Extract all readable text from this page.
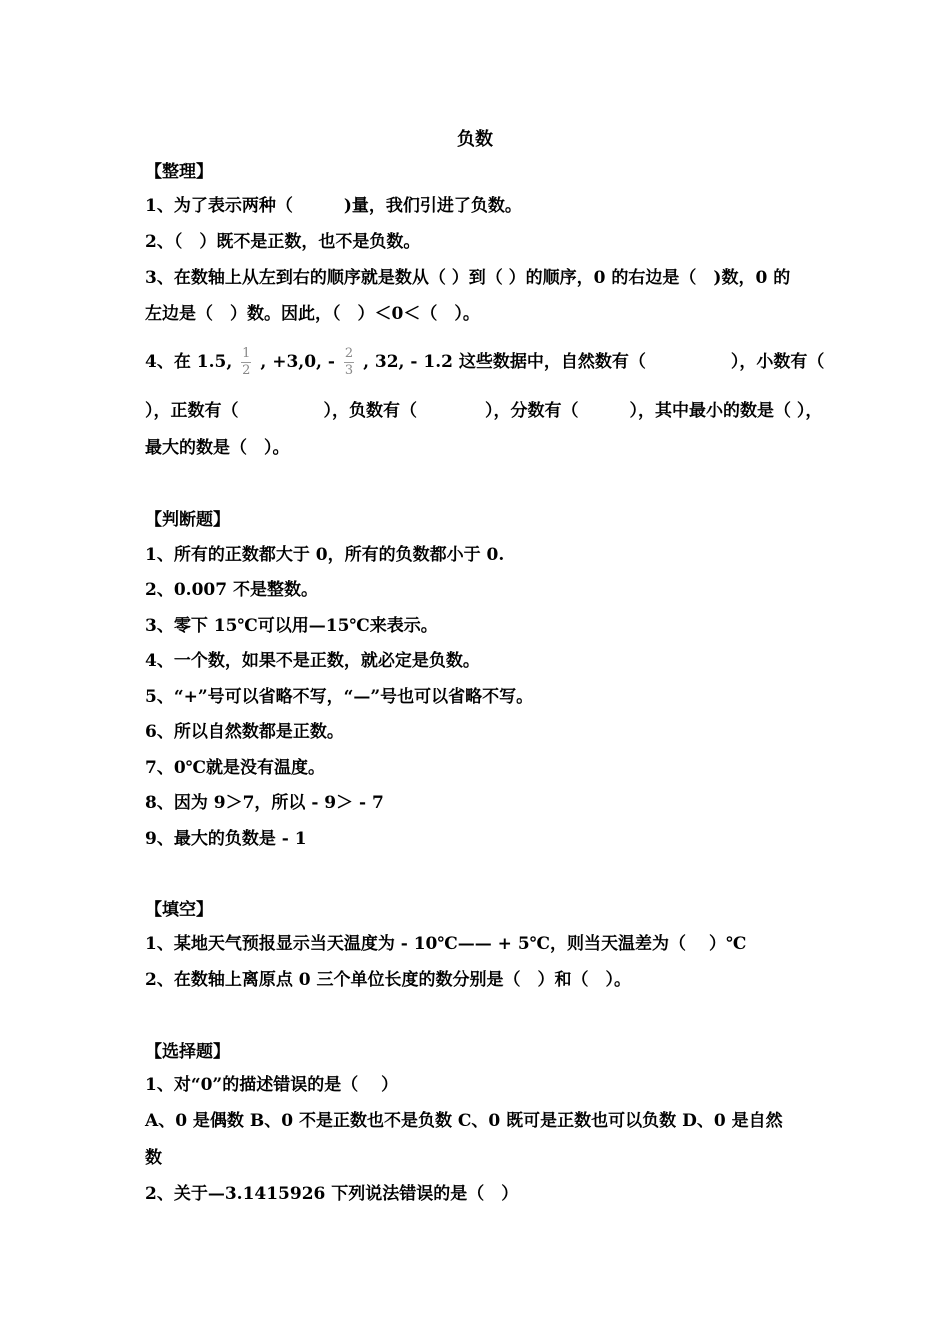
负数
【整理】
1、为了表示两种（　　　)量，我们引进了负数。
2、（　）既不是正数，也不是负数。
3、在数轴上从左到右的顺序就是数从（ ）到（ ）的顺序，0 的右边是（　)数，0 的
左边是（　）数。因此，（　）＜0＜（　）。
4、在 1.5, $\frac{1}{2}$ , +3,0, - $\frac{2}{3}$ , 32, - 1.2 这些数据中，自然数有（　　　　　），小数有（
），正数有（　　　　　），负数有（　　　　），分数有（　　　），其中最小的数是（ ），
最大的数是（　）。
【判断题】
1、所有的正数都大于 0，所有的负数都小于 0.
2、0.007 不是整数。
3、零下 15℃可以用—15℃来表示。
4、一个数，如果不是正数，就必定是负数。
5、“+”号可以省略不写，“—”号也可以省略不写。
6、所以自然数都是正数。
7、0℃就是没有温度。
8、因为 9＞7，所以 - 9＞ - 7
9、最大的负数是 - 1
【填空】
1、某地天气预报显示当天温度为 - 10℃—— + 5℃，则当天温差为（　 ）℃
2、在数轴上离原点 0 三个单位长度的数分别是（　）和（　）。
【选择题】
1、对“0”的描述错误的是（　 ）
A、0 是偶数 B、0 不是正数也不是负数 C、0 既可是正数也可以负数 D、0 是自然
数
2、关于—3.1415926 下列说法错误的是（　）
